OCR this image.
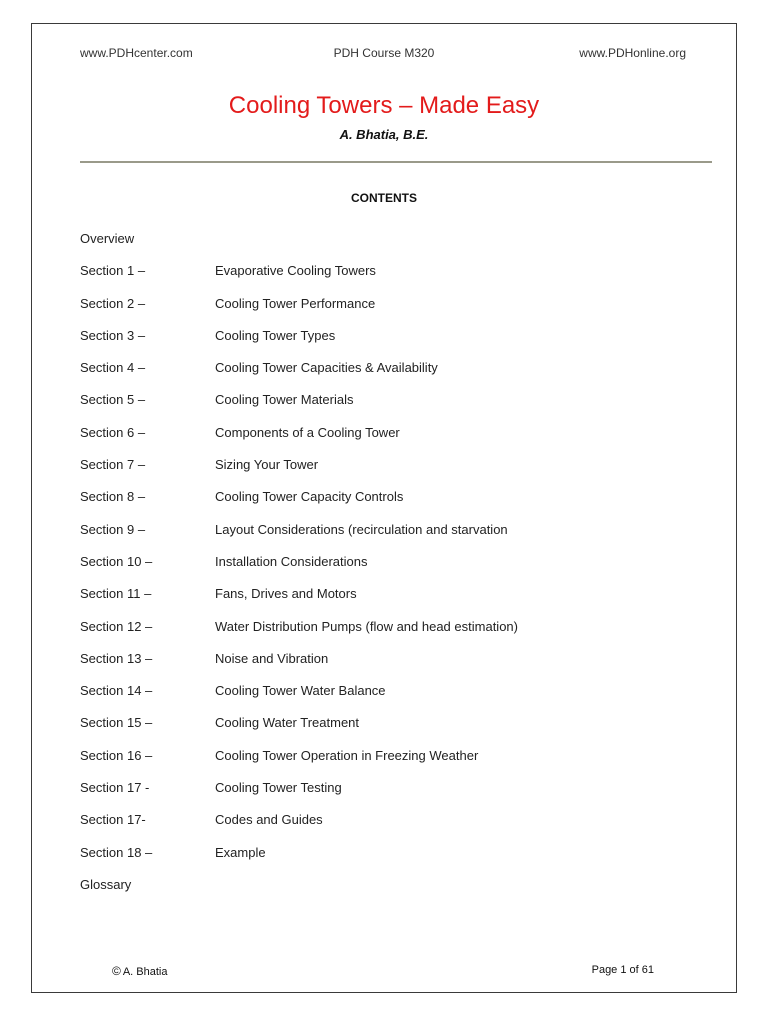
www.PDHcenter.com	PDH Course M320	www.PDHonline.org
Cooling Towers – Made Easy
A. Bhatia, B.E.
CONTENTS
Overview
Section 1 –	Evaporative Cooling Towers
Section 2 –	Cooling Tower Performance
Section 3 –	Cooling Tower Types
Section 4 –	Cooling Tower Capacities & Availability
Section 5 –	Cooling Tower Materials
Section 6 –	Components of a Cooling Tower
Section 7 –	Sizing Your Tower
Section 8 –	Cooling Tower Capacity Controls
Section 9 –	Layout Considerations (recirculation and starvation
Section 10 –	Installation Considerations
Section 11 –	Fans, Drives and Motors
Section 12 –	Water Distribution Pumps (flow and head estimation)
Section 13 –	Noise and Vibration
Section 14 –	Cooling Tower Water Balance
Section 15 –	Cooling Water Treatment
Section 16 –	Cooling Tower Operation in Freezing Weather
Section 17 -	Cooling Tower Testing
Section 17-	Codes and Guides
Section 18 –	Example
Glossary
© A. Bhatia	Page 1 of 61
